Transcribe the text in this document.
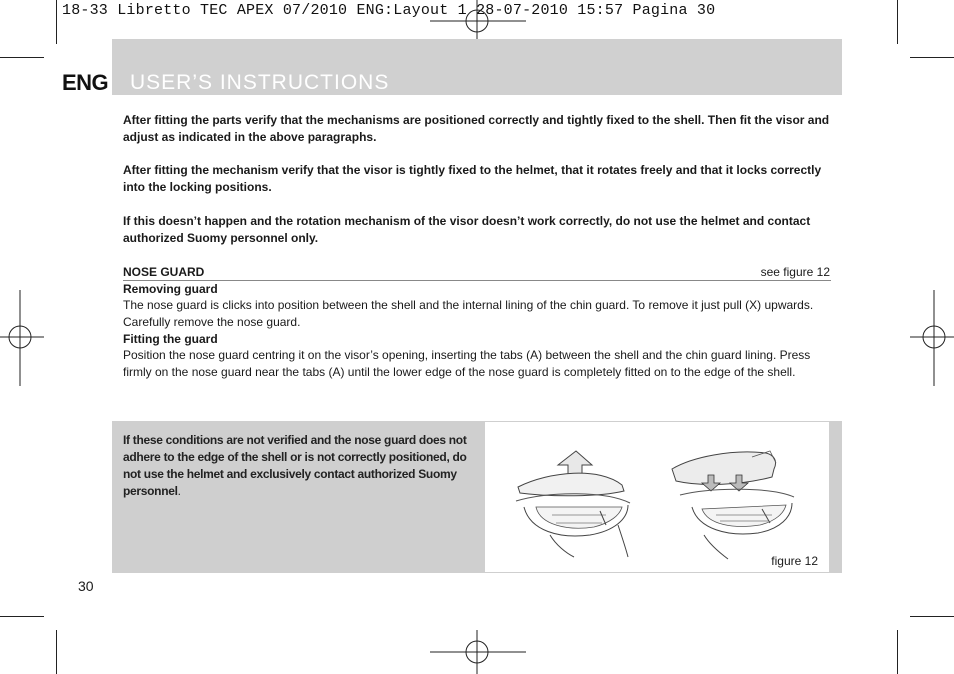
18-33 Libretto TEC APEX 07/2010 ENG:Layout 1 28-07-2010 15:57 Pagina 30
ENG USER’S INSTRUCTIONS
After fitting the parts verify that the mechanisms are positioned correctly and tightly fixed to the shell. Then fit the visor and adjust as indicated in the above paragraphs.
After fitting the mechanism verify that the visor is tightly fixed to the helmet, that it rotates freely and that it locks correctly into the locking positions.
If this doesn’t happen and the rotation mechanism of the visor doesn’t work correctly, do not use the helmet and contact authorized Suomy personnel only.
NOSE GUARD	see figure 12
Removing guard
The nose guard is clicks into position between the shell and the internal lining of the chin guard. To remove it just pull (X) upwards. Carefully remove the nose guard.
Fitting the guard
Position the nose guard centring it on the visor’s opening, inserting the tabs (A) between the shell and the chin guard lining. Press firmly on the nose guard near the tabs (A) until the lower edge of the nose guard is completely fitted on to the edge of the shell.
If these conditions are not verified and the nose guard does not adhere to the edge of the shell or is not correctly positioned, do not use the helmet and exclusively contact authorized Suomy personnel.
figure 12
30
